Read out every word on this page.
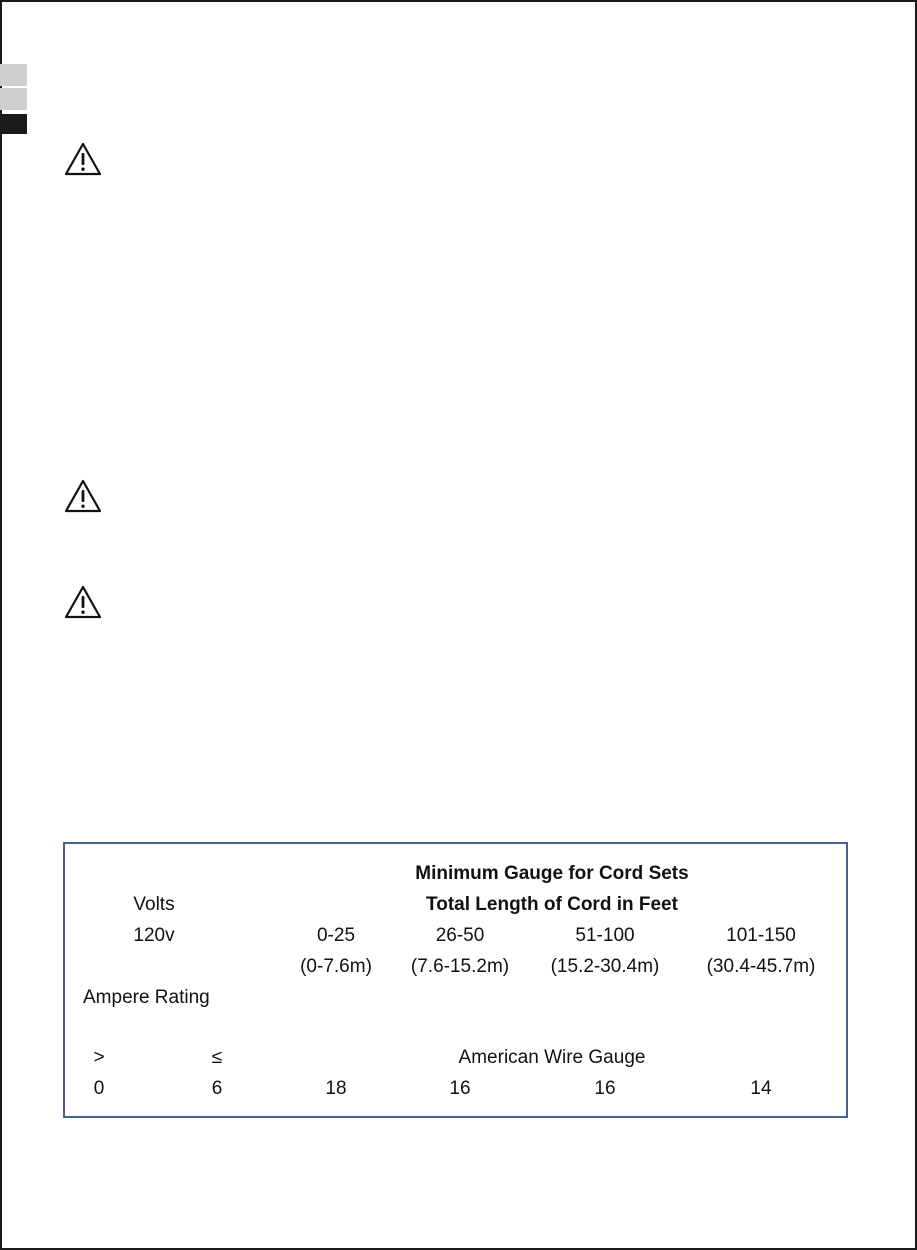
Minimum Gauge for Cord Sets
Volts	Total Length of Cord in Feet
120v	0-25	26-50	51-100	101-150
(0-7.6m) (7.6-15.2m) (15.2-30.4m) (30.4-45.7m)
Ampere Rating
>	≤	American Wire Gauge
0	6	18	16	16	14
